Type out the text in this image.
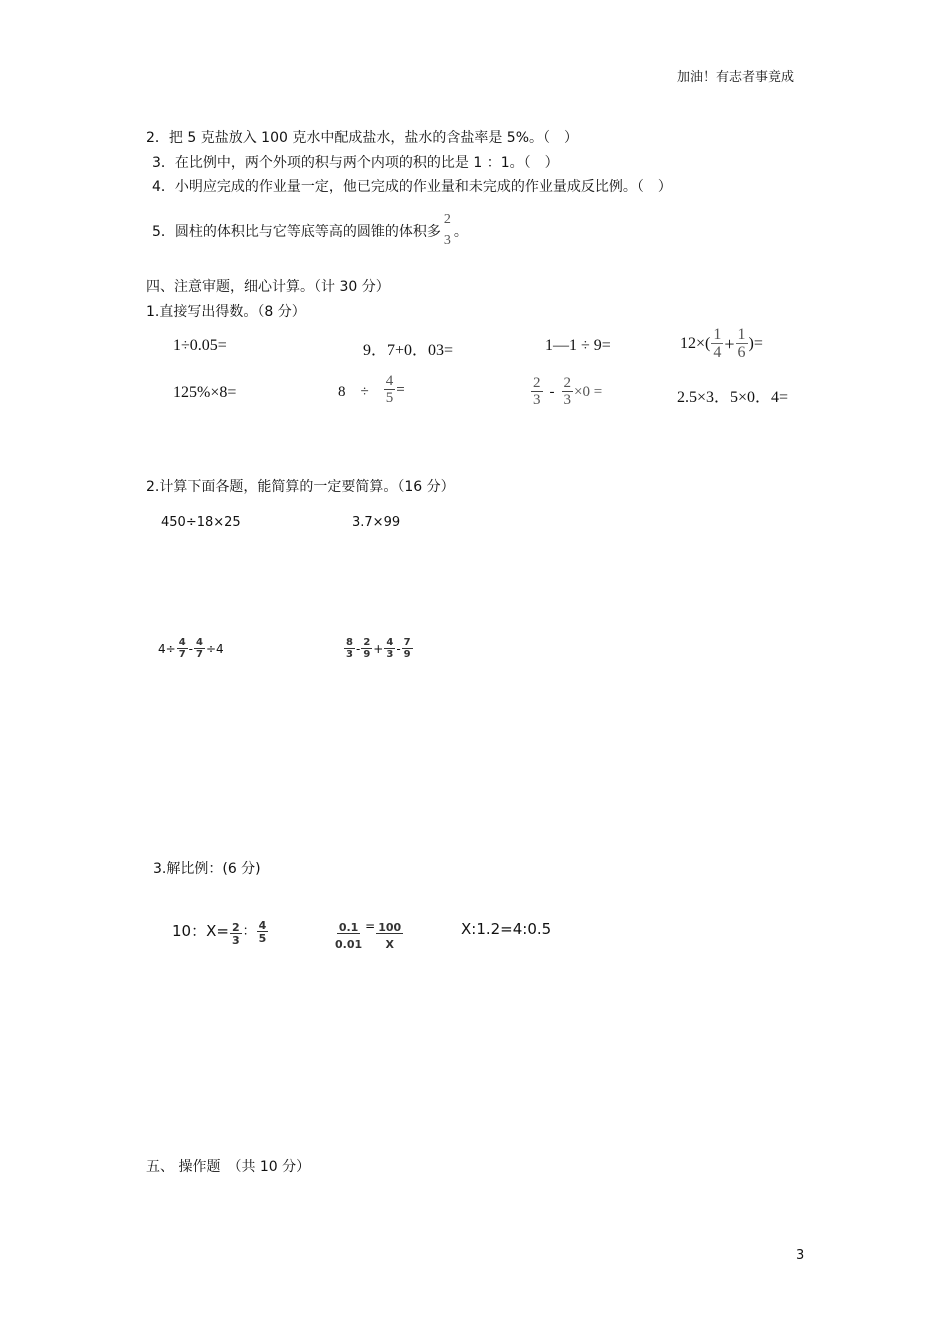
加油！有志者事竟成
2．把 5 克盐放入 100 克水中配成盐水，盐水的含盐率是 5%。（　）
3．在比例中，两个外项的积与两个内项的积的比是 1 ：1。（　）
4．小明应完成的作业量一定，他已完成的作业量和未完成的作业量成反比例。（　）
5．圆柱的体积比与它等底等高的圆锥的体积多
2
3
。
四、注意审题，细心计算。（计 30 分）
1.直接写出得数。（8 分）
1÷0.05=	9．7+0．03=	1—1 ÷ 9=	$12\times( \frac{1}{4} + \frac{1}{6}$ )=
125%×8=	8　÷ $\frac{4}{5}$ =	$\frac{2}{3} - \frac{2}{3} \times 0$ =	2.5×3．5×0．4=
2.计算下面各题，能简算的一定要简算。（16 分）
450÷18×25	3.7×99
$4\div \frac{4}{7} - \frac{4}{7} \div 4$	$\frac{8}{3} - \frac{2}{9} + \frac{4}{3} - \frac{7}{9}$
3.解比例：(6 分)
10：$X= \frac{2}{3}$ ： $\frac{4}{5}$	$\frac{0.1}{0.01} = \frac{100}{X}$	X:1.2=4:0.5
五、 操作题　（共 10 分）
3
